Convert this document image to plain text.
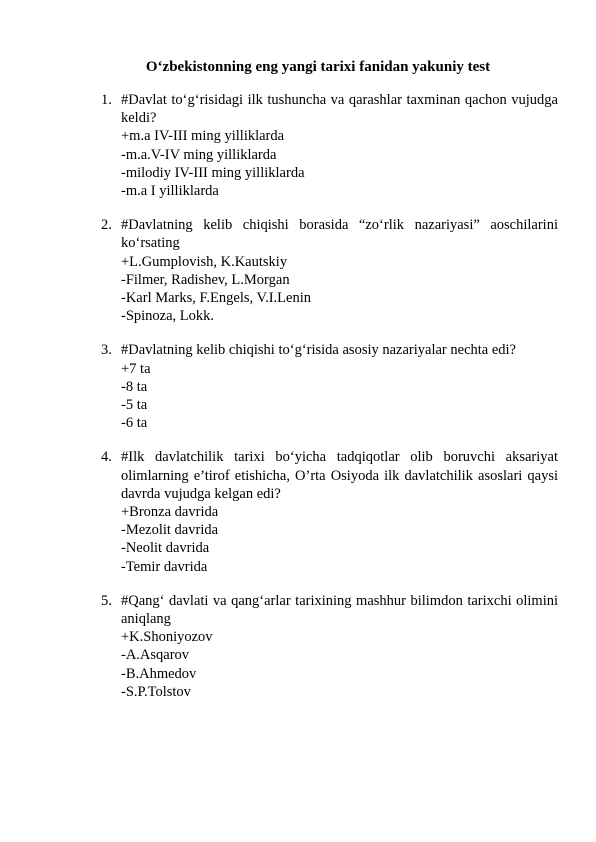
O‘zbekistonning eng yangi tarixi fanidan yakuniy test
1. #Davlat to‘g‘risidagi ilk tushuncha va qarashlar taxminan qachon vujudga keldi?
+m.a IV-III ming yilliklarda
-m.a.V-IV ming yilliklarda
-milodiy IV-III ming yilliklarda
-m.a I yilliklarda
2. #Davlatning kelib chiqishi borasida “zo‘rlik nazariyasi” aoschilarini ko‘rsating
+L.Gumplovish, K.Kautskiy
-Filmer, Radishev, L.Morgan
-Karl Marks, F.Engels, V.I.Lenin
-Spinoza, Lokk.
3. #Davlatning kelib chiqishi to‘g‘risida asosiy nazariyalar nechta edi?
+7 ta
-8 ta
-5 ta
-6 ta
4. #Ilk davlatchilik tarixi bo‘yicha tadqiqotlar olib boruvchi aksariyat olimlarning e’tirof etishicha, O’rta Osiyoda ilk davlatchilik asoslari qaysi davrda vujudga kelgan edi?
+Bronza davrida
-Mezolit davrida
-Neolit davrida
-Temir davrida
5. #Qang‘ davlati va qang‘arlar tarixining mashhur bilimdon tarixchi olimini aniqlang
+K.Shoniyozov
-A.Asqarov
-B.Ahmedov
-S.P.Tolstov
